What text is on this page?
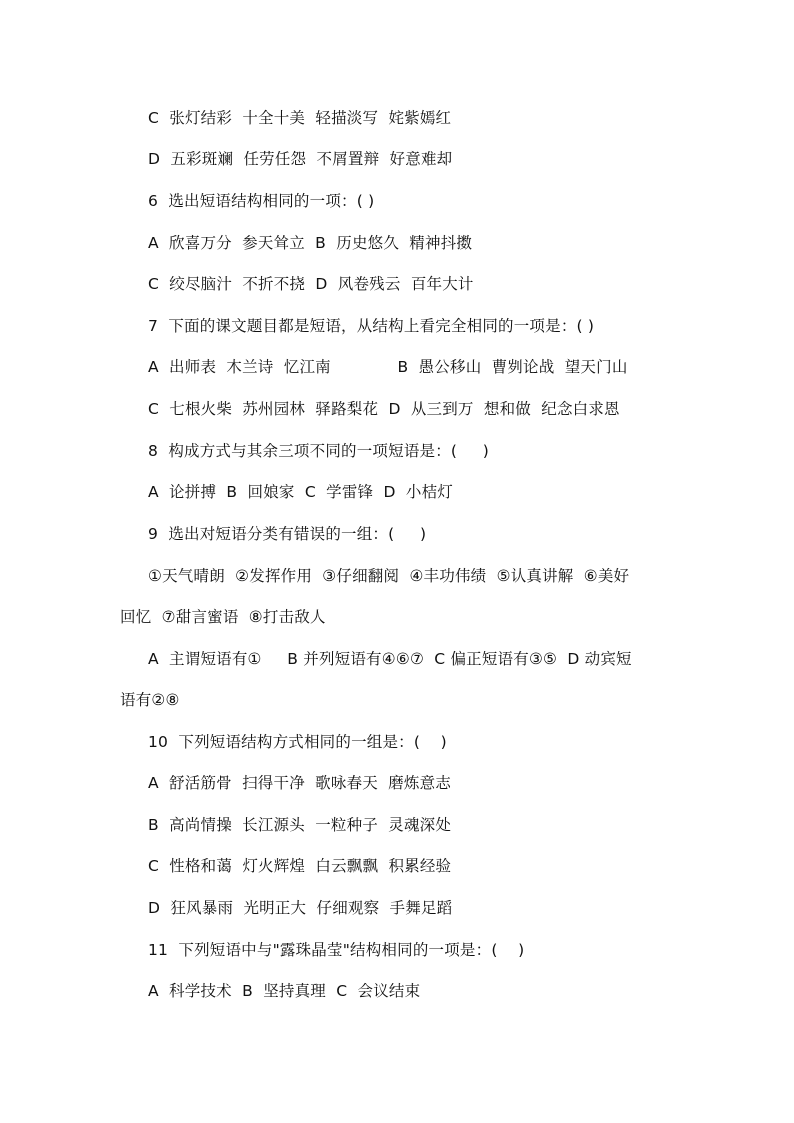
C  张灯结彩  十全十美  轻描淡写  姹紫嫣红
D  五彩斑斓  任劳任怨  不屑置辩  好意难却
6  选出短语结构相同的一项：( )
A  欣喜万分  参天耸立  B  历史悠久  精神抖擞
C  绞尽脑汁  不折不挠  D  风卷残云  百年大计
7  下面的课文题目都是短语，从结构上看完全相同的一项是：( )
A  出师表  木兰诗  忆江南             B  愚公移山  曹刿论战  望天门山
C  七根火柴  苏州园林  驿路梨花  D  从三到万  想和做  纪念白求恩
8  构成方式与其余三项不同的一项短语是：(     )
A  论拼搏  B  回娘家  C  学雷锋  D  小桔灯
9  选出对短语分类有错误的一组：(     )
①天气晴朗  ②发挥作用  ③仔细翻阅  ④丰功伟绩  ⑤认真讲解  ⑥美好
回忆  ⑦甜言蜜语  ⑧打击敌人
A  主谓短语有①     B 并列短语有④⑥⑦  C 偏正短语有③⑤  D 动宾短
语有②⑧
10  下列短语结构方式相同的一组是：(    )
A  舒活筋骨  扫得干净  歌咏春天  磨炼意志
B  高尚情操  长江源头  一粒种子  灵魂深处
C  性格和蔼  灯火辉煌  白云飘飘  积累经验
D  狂风暴雨  光明正大  仔细观察  手舞足蹈
11  下列短语中与"露珠晶莹"结构相同的一项是：(    )
A  科学技术  B  坚持真理  C  会议结束
